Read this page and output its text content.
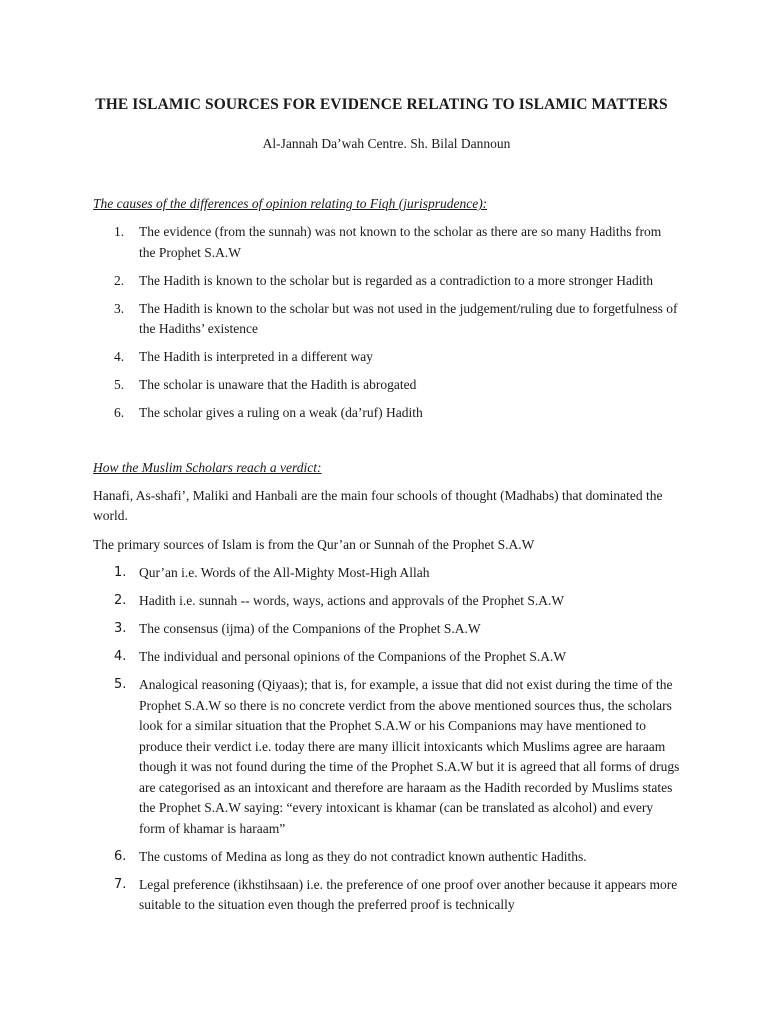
THE ISLAMIC SOURCES FOR EVIDENCE RELATING TO ISLAMIC MATTERS

Al-Jannah Da’wah Centre. Sh. Bilal Dannoun

The causes of the differences of opinion relating to Fiqh (jurisprudence):

1. The evidence (from the sunnah) was not known to the scholar as there are so many Hadiths from the Prophet S.A.W
2. The Hadith is known to the scholar but is regarded as a contradiction to a more stronger Hadith
3. The Hadith is known to the scholar but was not used in the judgement/ruling due to forgetfulness of the Hadiths’ existence
4. The Hadith is interpreted in a different way
5. The scholar is unaware that the Hadith is abrogated
6. The scholar gives a ruling on a weak (da’ruf) Hadith

How the Muslim Scholars reach a verdict:

Hanafi, As-shafi’, Maliki and Hanbali are the main four schools of thought (Madhabs) that dominated the world.

The primary sources of Islam is from the Qur’an or Sunnah of the Prophet S.A.W

1. Qur’an i.e. Words of the All-Mighty Most-High Allah
2. Hadith i.e. sunnah -- words, ways, actions and approvals of the Prophet S.A.W
3. The consensus (ijma) of the Companions of the Prophet S.A.W
4. The individual and personal opinions of the Companions of the Prophet S.A.W
5. Analogical reasoning (Qiyaas); that is, for example, a issue that did not exist during the time of the Prophet S.A.W so there is no concrete verdict from the above mentioned sources thus, the scholars look for a similar situation that the Prophet S.A.W or his Companions may have mentioned to produce their verdict i.e. today there are many illicit intoxicants which Muslims agree are haraam though it was not found during the time of the Prophet S.A.W but it is agreed that all forms of drugs are categorised as an intoxicant and therefore are haraam as the Hadith recorded by Muslims states the Prophet S.A.W saying: “every intoxicant is khamar (can be translated as alcohol) and every form of khamar is haraam”
6. The customs of Medina as long as they do not contradict known authentic Hadiths.
7. Legal preference (ikhstihsaan) i.e. the preference of one proof over another because it appears more suitable to the situation even though the preferred proof is technically
